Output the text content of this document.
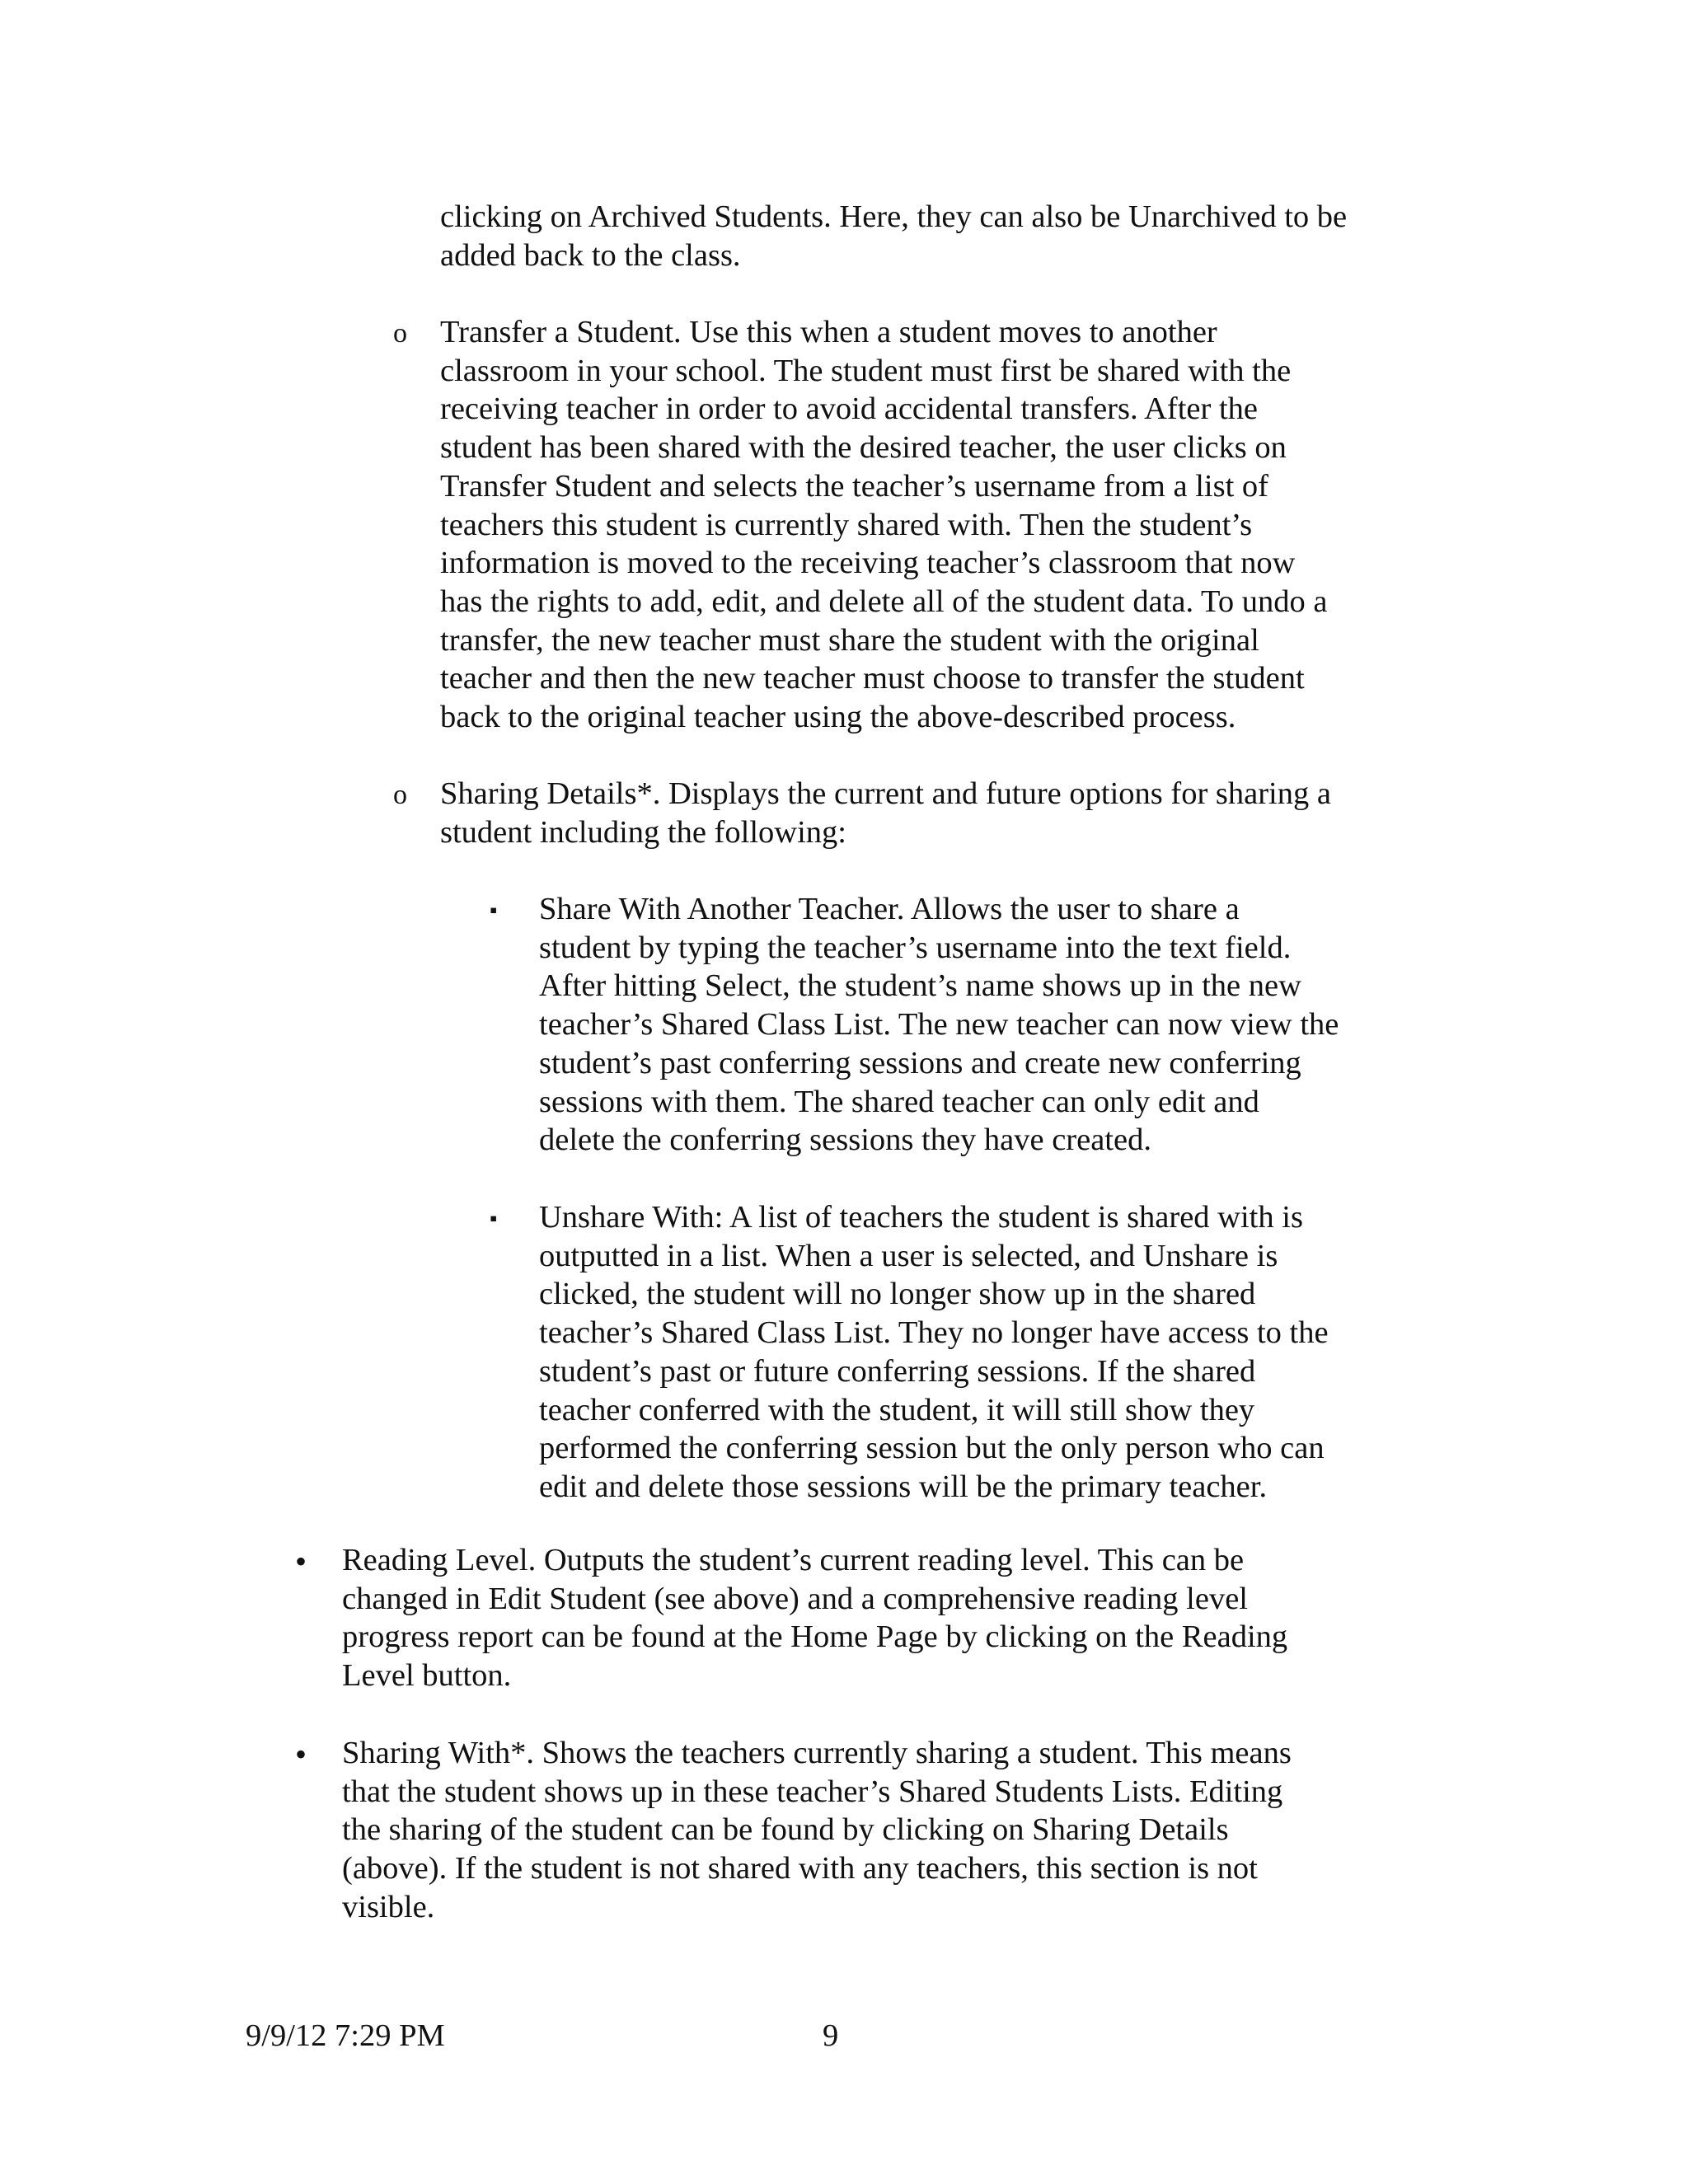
clicking on Archived Students. Here, they can also be Unarchived to be
added back to the class.
o Transfer a Student. Use this when a student moves to another
classroom in your school. The student must first be shared with the
receiving teacher in order to avoid accidental transfers. After the
student has been shared with the desired teacher, the user clicks on
Transfer Student and selects the teacher’s username from a list of
teachers this student is currently shared with. Then the student’s
information is moved to the receiving teacher’s classroom that now
has the rights to add, edit, and delete all of the student data. To undo a
transfer, the new teacher must share the student with the original
teacher and then the new teacher must choose to transfer the student
back to the original teacher using the above-described process.
o Sharing Details*. Displays the current and future options for sharing a
student including the following:
▪ Share With Another Teacher. Allows the user to share a
student by typing the teacher’s username into the text field.
After hitting Select, the student’s name shows up in the new
teacher’s Shared Class List. The new teacher can now view the
student’s past conferring sessions and create new conferring
sessions with them. The shared teacher can only edit and
delete the conferring sessions they have created.
▪ Unshare With: A list of teachers the student is shared with is
outputted in a list. When a user is selected, and Unshare is
clicked, the student will no longer show up in the shared
teacher’s Shared Class List. They no longer have access to the
student’s past or future conferring sessions. If the shared
teacher conferred with the student, it will still show they
performed the conferring session but the only person who can
edit and delete those sessions will be the primary teacher.
• Reading Level. Outputs the student’s current reading level. This can be
changed in Edit Student (see above) and a comprehensive reading level
progress report can be found at the Home Page by clicking on the Reading
Level button.
• Sharing With*. Shows the teachers currently sharing a student. This means
that the student shows up in these teacher’s Shared Students Lists. Editing
the sharing of the student can be found by clicking on Sharing Details
(above). If the student is not shared with any teachers, this section is not
visible.
9/9/12 7:29 PM	9
